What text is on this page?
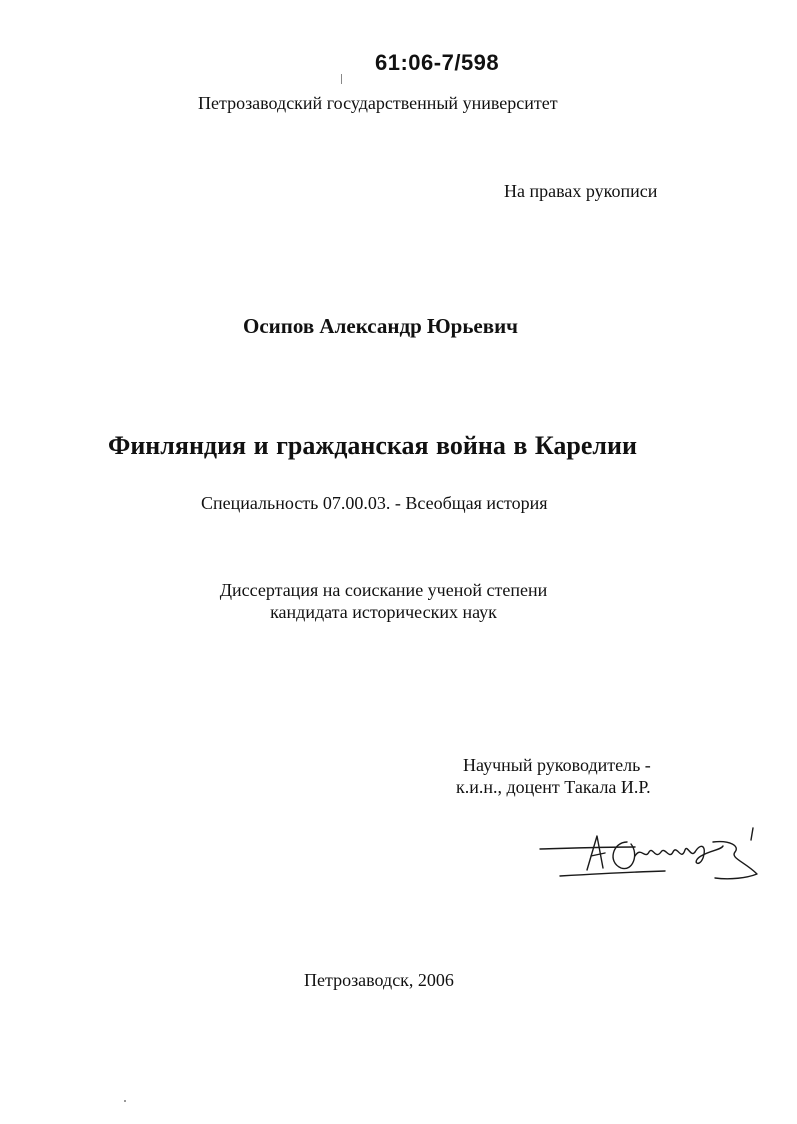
61:06-7/598
Петрозаводский государственный университет
На правах рукописи
Осипов Александр Юрьевич
Финляндия и гражданская война в Карелии
Специальность 07.00.03. - Всеобщая история
Диссертация на соискание ученой степени
кандидата исторических наук
Научный руководитель -
к.и.н., доцент Такала И.Р.
Петрозаводск, 2006
